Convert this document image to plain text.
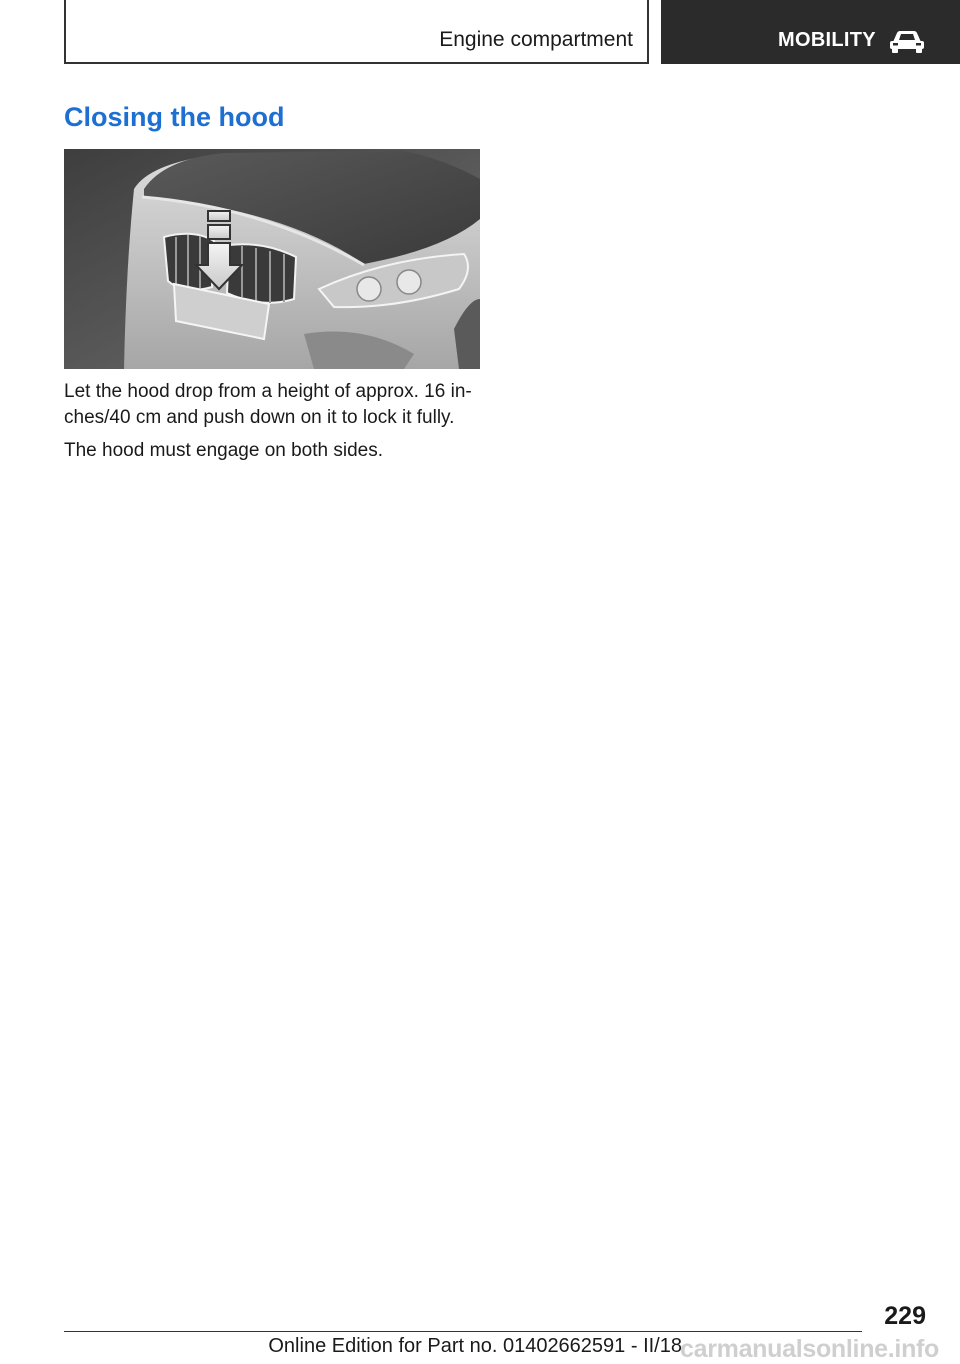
Engine compartment	MOBILITY
Closing the hood

Let the hood drop from a height of approx. 16 in‐ ches/40 cm and push down on it to lock it fully.

The hood must engage on both sides.

229
Online Edition for Part no. 01402662591 - II/18
carmanualsonline.info
